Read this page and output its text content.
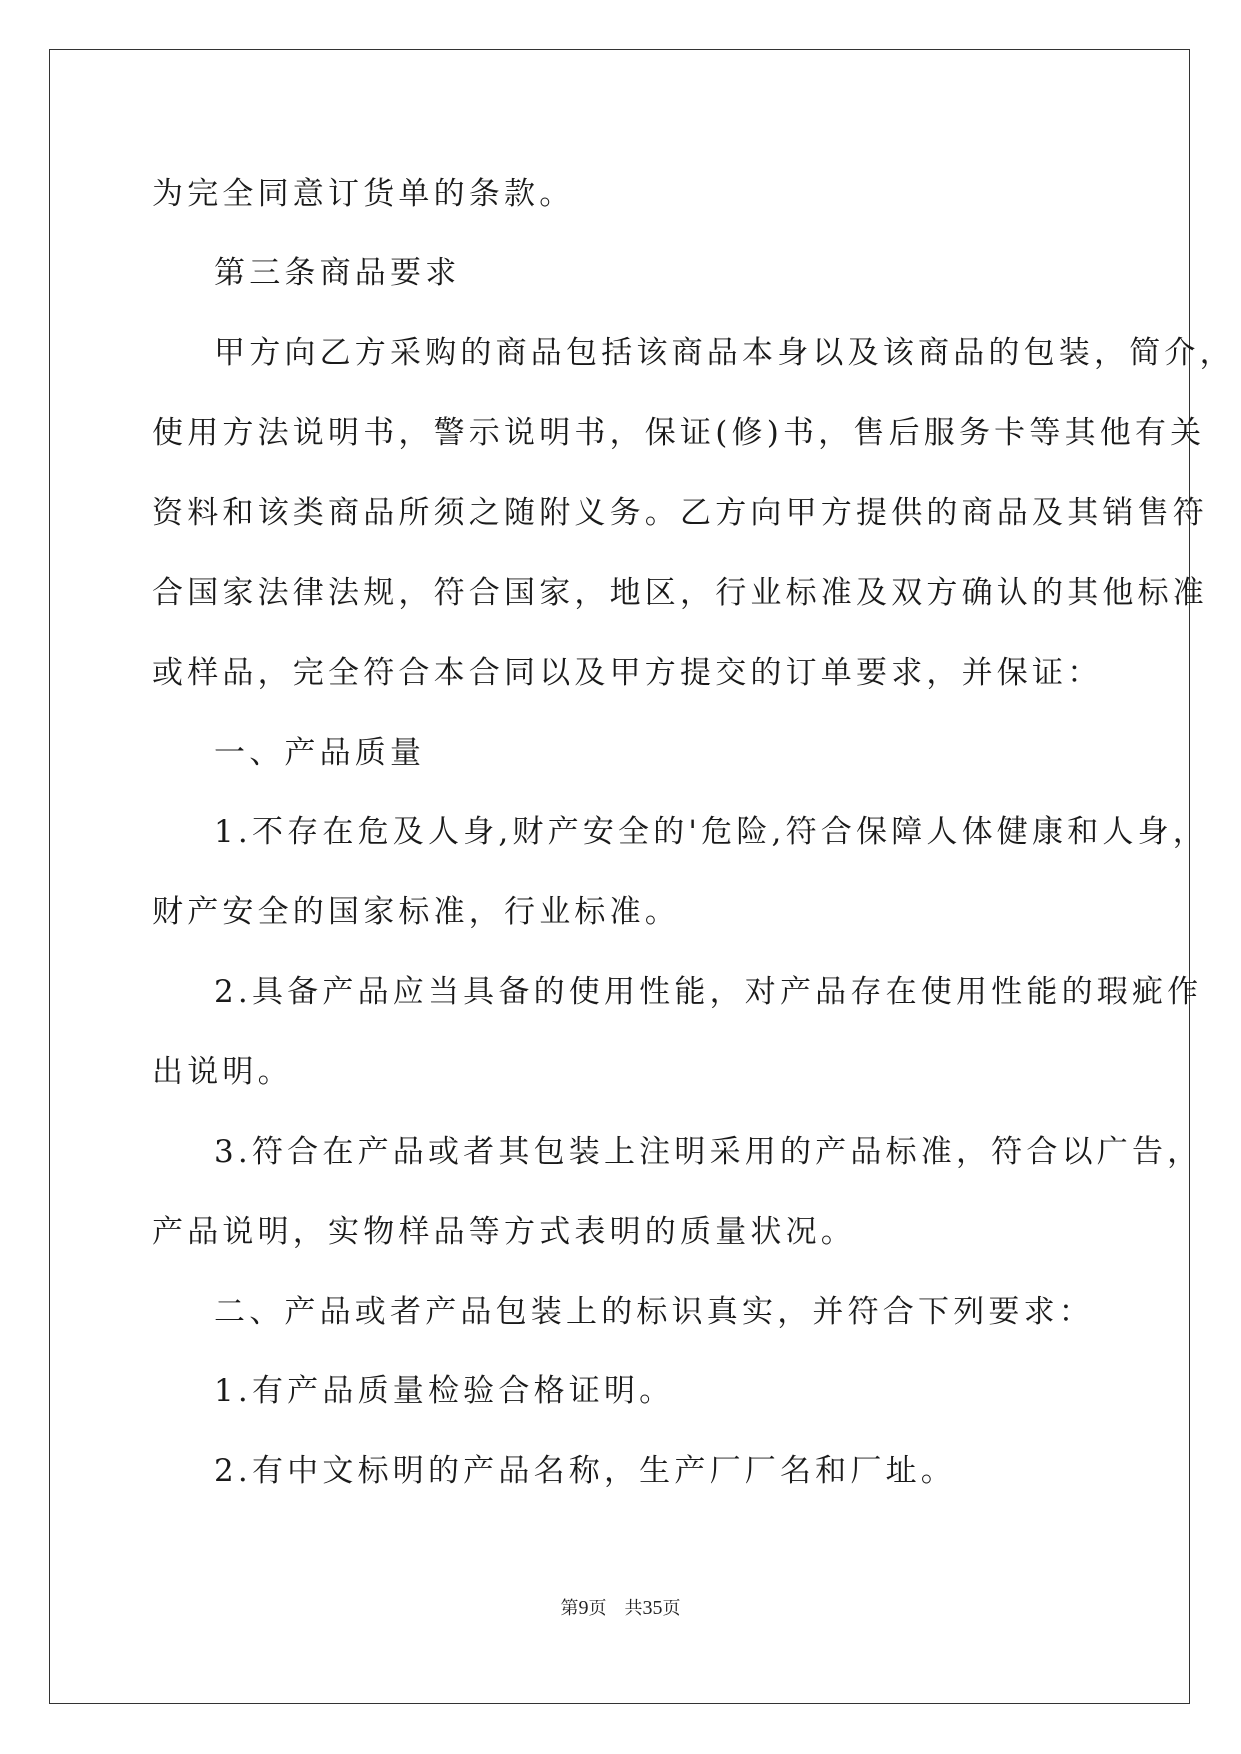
为完全同意订货单的条款。
第三条商品要求
甲方向乙方采购的商品包括该商品本身以及该商品的包装，简介，
使用方法说明书，警示说明书，保证(修)书，售后服务卡等其他有关
资料和该类商品所须之随附义务。乙方向甲方提供的商品及其销售符
合国家法律法规，符合国家，地区，行业标准及双方确认的其他标准
或样品，完全符合本合同以及甲方提交的订单要求，并保证：
一、产品质量
1.不存在危及人身,财产安全的'危险,符合保障人体健康和人身，
财产安全的国家标准，行业标准。
2.具备产品应当具备的使用性能，对产品存在使用性能的瑕疵作
出说明。
3.符合在产品或者其包装上注明采用的产品标准，符合以广告，
产品说明，实物样品等方式表明的质量状况。
二、产品或者产品包装上的标识真实，并符合下列要求：
1.有产品质量检验合格证明。
2.有中文标明的产品名称，生产厂厂名和厂址。
第9页 共35页
